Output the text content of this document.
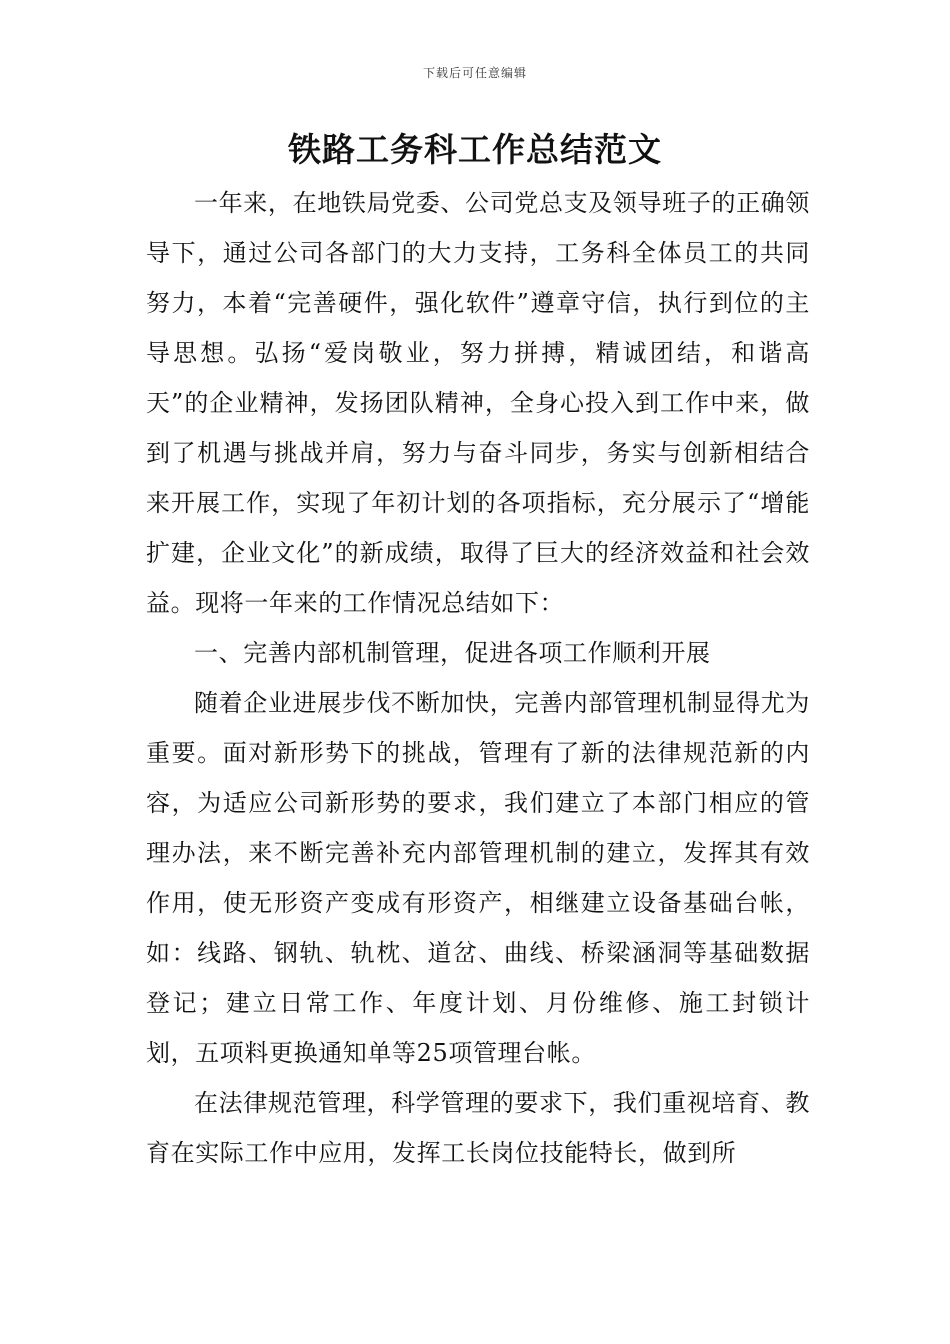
下载后可任意编辑
铁路工务科工作总结范文

一年来，在地铁局党委、公司党总支及领导班子的正确领导下，通过公司各部门的大力支持，工务科全体员工的共同努力，本着“完善硬件，强化软件”遵章守信，执行到位的主导思想。弘扬“爱岗敬业，努力拼搏，精诚团结，和谐高天”的企业精神，发扬团队精神，全身心投入到工作中来，做到了机遇与挑战并肩，努力与奋斗同步，务实与创新相结合来开展工作，实现了年初计划的各项指标，充分展示了“增能扩建，企业文化”的新成绩，取得了巨大的经济效益和社会效益。现将一年来的工作情况总结如下：

一、完善内部机制管理，促进各项工作顺利开展

随着企业进展步伐不断加快，完善内部管理机制显得尤为重要。面对新形势下的挑战，管理有了新的法律规范新的内容，为适应公司新形势的要求，我们建立了本部门相应的管理办法，来不断完善补充内部管理机制的建立，发挥其有效作用，使无形资产变成有形资产，相继建立设备基础台帐，如：线路、钢轨、轨枕、道岔、曲线、桥梁涵洞等基础数据登记；建立日常工作、年度计划、月份维修、施工封锁计划，五项料更换通知单等25项管理台帐。

在法律规范管理，科学管理的要求下，我们重视培育、教育在实际工作中应用，发挥工长岗位技能特长，做到所
